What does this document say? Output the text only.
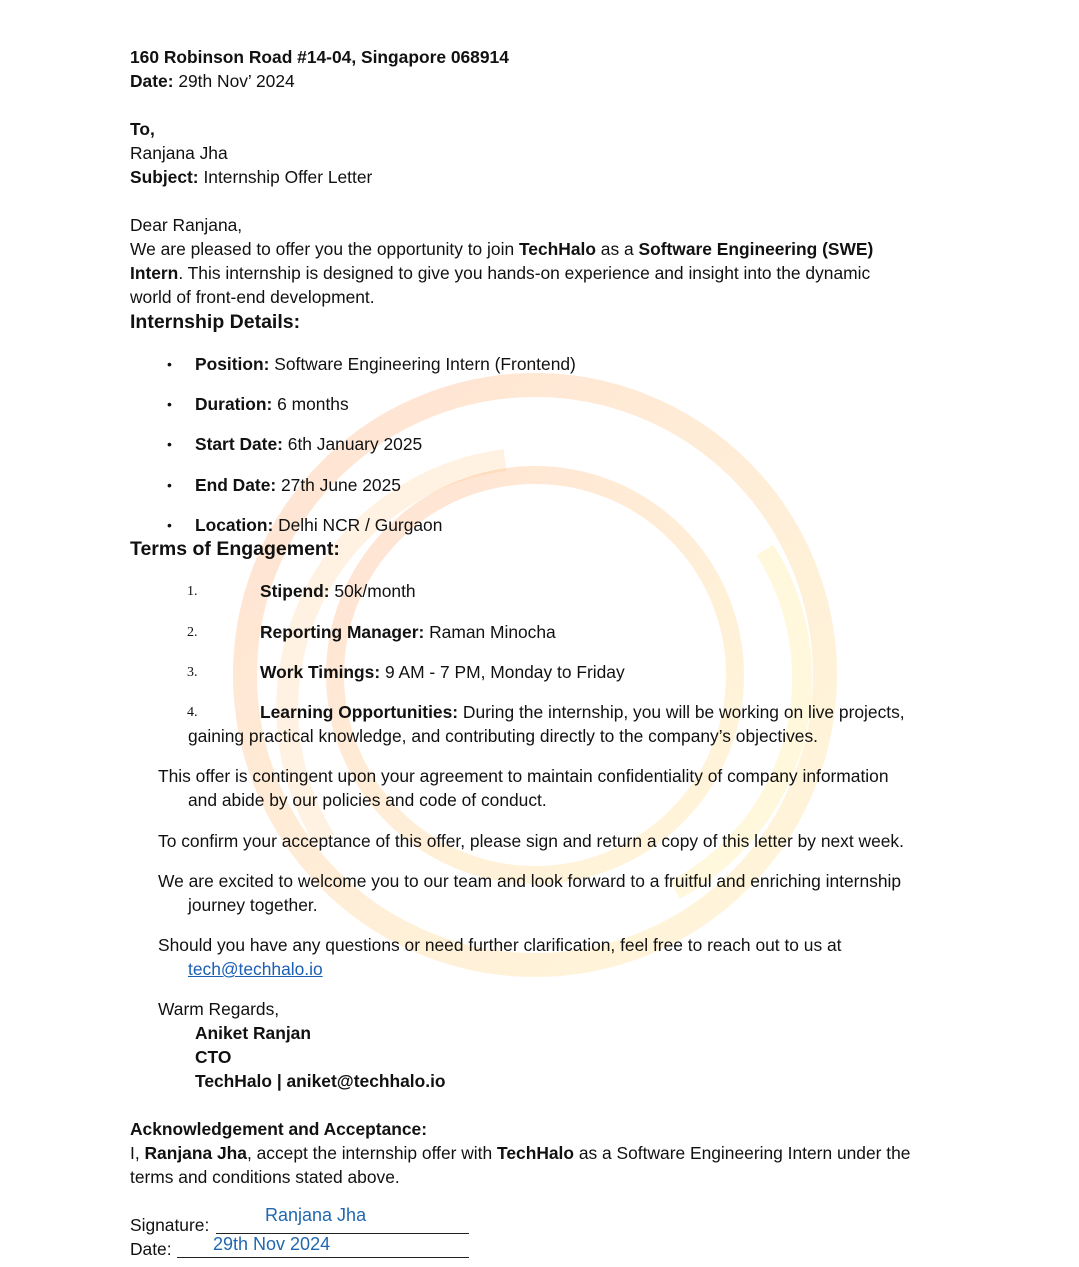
160 Robinson Road #14-04, Singapore 068914
Date: 29th Nov’ 2024
To,
Ranjana Jha
Subject: Internship Offer Letter
Dear Ranjana,
We are pleased to offer you the opportunity to join TechHalo as a Software Engineering (SWE)
Intern. This internship is designed to give you hands-on experience and insight into the dynamic
world of front-end development.
Internship Details:
• Position: Software Engineering Intern (Frontend)
• Duration: 6 months
• Start Date: 6th January 2025
• End Date: 27th June 2025
• Location: Delhi NCR / Gurgaon
Terms of Engagement:
1.	Stipend: 50k/month
2.	Reporting Manager: Raman Minocha
3.	Work Timings: 9 AM - 7 PM, Monday to Friday
4.	Learning Opportunities: During the internship, you will be working on live projects,
gaining practical knowledge, and contributing directly to the company’s objectives.
This offer is contingent upon your agreement to maintain confidentiality of company information
and abide by our policies and code of conduct.
To confirm your acceptance of this offer, please sign and return a copy of this letter by next week.
We are excited to welcome you to our team and look forward to a fruitful and enriching internship
journey together.
Should you have any questions or need further clarification, feel free to reach out to us at
tech@techhalo.io
Warm Regards,
Aniket Ranjan
CTO
TechHalo | aniket@techhalo.io
Acknowledgement and Acceptance:
I, Ranjana Jha, accept the internship offer with TechHalo as a Software Engineering Intern under the
terms and conditions stated above.
Signature:	Ranjana Jha
Date: 29th Nov 2024
